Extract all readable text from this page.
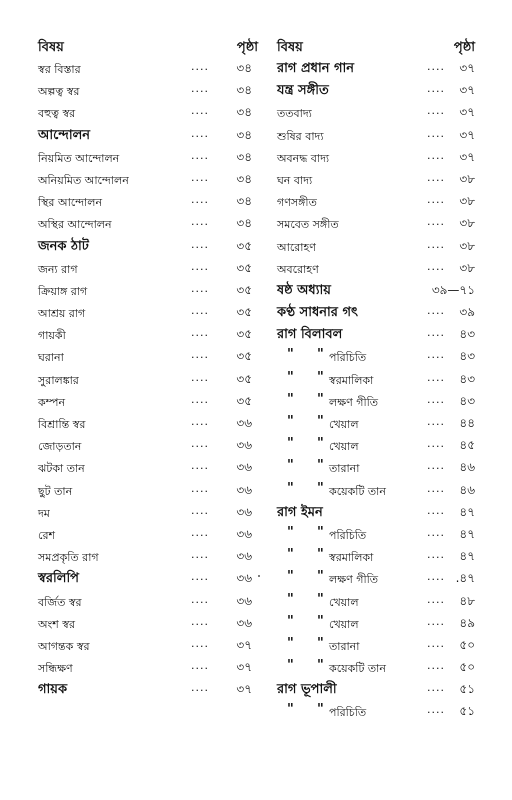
বিষয়	পৃষ্ঠা
স্বর বিস্তার	....	৩৪
অল্পত্ব স্বর	....	৩৪
বহুত্ব স্বর	....	৩৪
আন্দোলন	....	৩৪
নিয়মিত আন্দোলন	....	৩৪
অনিয়মিত আন্দোলন	....	৩৪
স্থির আন্দোলন	....	৩৪
অস্থির আন্দোলন	....	৩৪
জনক ঠাট	....	৩৫
জন্য রাগ	....	৩৫
ক্রিয়াঙ্গ রাগ	....	৩৫
আশ্রয় রাগ	....	৩৫
গায়কী	....	৩৫
ঘরানা	....	৩৫
সুরালঙ্কার	....	৩৫
কম্পন	....	৩৫
বিশ্রান্তি স্বর	....	৩৬
জোড়তান	....	৩৬
ঝটকা তান	....	৩৬
ছুট তান	....	৩৬
দম	....	৩৬
রেশ	....	৩৬
সমপ্রকৃতি রাগ	....	৩৬
স্বরলিপি	....	৩৬
বর্জিত স্বর	....	৩৬
অংশ স্বর	....	৩৬
আগন্তক স্বর	....	৩৭
সন্ধিক্ষণ	....	৩৭
গায়ক	....	৩৭
বিষয়	পৃষ্ঠা
রাগ প্রধান গান	....	৩৭
যন্ত্র সঙ্গীত	....	৩৭
ততবাদ্য	....	৩৭
শুষির বাদ্য	....	৩৭
অবনদ্ধ বাদ্য	....	৩৭
ঘন বাদ্য	....	৩৮
গণসঙ্গীত	....	৩৮
সমবেত সঙ্গীত	....	৩৮
আরোহণ	....	৩৮
অবরোহণ	....	৩৮
ষষ্ঠ অধ্যায়	৩৯—৭১
কণ্ঠ সাধনার গৎ	....	৩৯
রাগ বিলাবল	....	৪৩
" " পরিচিতি	....	৪৩
" " স্বরমালিকা	....	৪৩
" " লক্ষণ গীতি	....	৪৩
" " খেয়াল	....	৪৪
" " খেয়াল	....	৪৫
" " তারানা	....	৪৬
" " কয়েকটি তান	....	৪৬
রাগ ইমন	....	৪৭
" " পরিচিতি	....	৪৭
" " স্বরমালিকা	....	৪৭
" " লক্ষণ গীতি	.... .৪৭
" " খেয়াল	....	৪৮
" " খেয়াল	....	৪৯
" " তারানা	....	৫০
" " কয়েকটি তান	....	৫০
রাগ ভূপালী	....	৫১
" " পরিচিতি	....	৫১
